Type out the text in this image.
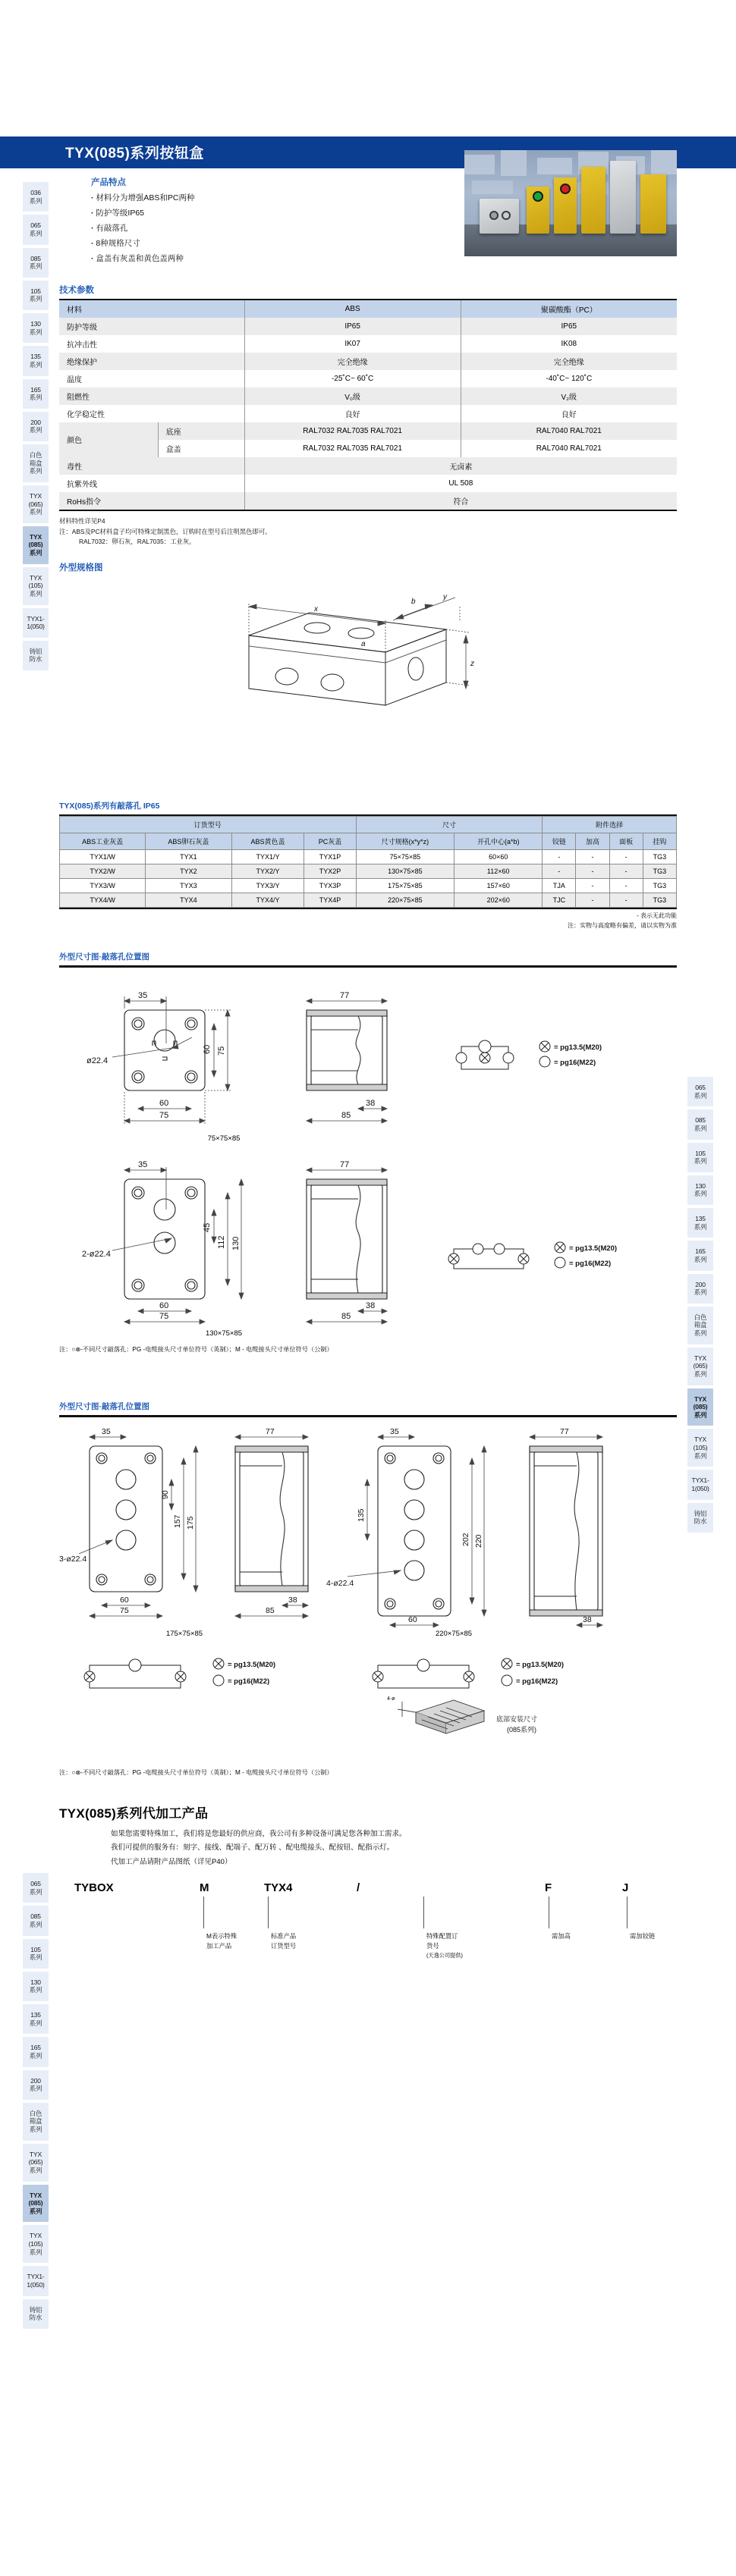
036
系列
065
系列
085
系列
105
系列
130
系列
135
系列
165
系列
200
系列
白色
箱盒
系列
TYX
(065)
系列
TYX
(085)
系列
TYX
(105)
系列
TYX1-
1(050)
铸铝
防水
TYX(085)系列按钮盒
产品特点
· 材料分为增强ABS和PC两种
· 防护等级IP65
· 有敲落孔
· 8种规格尺寸
· 盒盖有灰盖和黄色盖两种
技术参数
材料		ABS	聚碳酸酯（PC）
防护等级		IP65	IP65
抗冲击性		IK07	IK08
绝缘保护		完全绝缘	完全绝缘
温度		-25˚C~ 60˚C	-40˚C~ 120˚C
阻燃性		V₀级	V₂级
化学稳定性		良好	良好
颜色	底座	RAL7032 RAL7035 RAL7021	RAL7040 RAL7021
	盒盖	RAL7032 RAL7035 RAL7021	RAL7040 RAL7021
毒性		无卤素	
抗紫外线		UL 508	
RoHs指令		符合	
材料特性详见P4
注：ABS及PC材料盒子均可特殊定制黑色，订购时在型号后注明黑色即可。
RAL7032：卵石灰，RAL7035：工业灰。
外型规格图
x
b
y
z
a
065
系列
085
系列
105
系列
130
系列
135
系列
165
系列
200
系列
白色
箱盒
系列
TYX
(065)
系列
TYX
(085)
系列
TYX
(105)
系列
TYX1-
1(050)
铸铝
防水
TYX(085)系列有敲落孔 IP65
订货型号				尺寸		附件选择			
ABS工业灰盖	ABS卵石灰盖	ABS黄色盖	PC灰盖	尺寸规格(x*y*z)	开孔中心(a*b)	铰链	加高	面板	挂钩
TYX1/W	TYX1	TYX1/Y	TYX1P	75×75×85	60×60	-	-	-	TG3
TYX2/W	TYX2	TYX2/Y	TYX2P	130×75×85	112×60	-	-	-	TG3
TYX3/W	TYX3	TYX3/Y	TYX3P	175×75×85	157×60	TJA	-	-	TG3
TYX4/W	TYX4	TYX4/Y	TYX4P	220×75×85	202×60	TJC	-	-	TG3
- 表示无此功能
注：实物与高度略有偏差，请以实物为准
外型尺寸图·敲落孔位置图
35
ø22.4
60 75
60
75
77
38
85
= pg13.5(M20)
= pg16(M22)
75×75×85
35
2-ø22.4
45
112 130
60
75
77
38
85
= pg13.5(M20)
= pg16(M22)
130×75×85
注：○⊗-不同尺寸敲落孔：PG -电缆接头尺寸单位符号（英制）；M - 电缆接头尺寸单位符号（公制）
065
系列
085
系列
105
系列
130
系列
135
系列
165
系列
200
系列
白色
箱盒
系列
TYX
(065)
系列
TYX
(085)
系列
TYX
(105)
系列
TYX1-
1(050)
铸铝
防水
外型尺寸图·敲落孔位置图
35
90
157 175
3-ø22.4
60
75
77
38
85
35
135
202 220
4-ø22.4
60
77
38
175×75×85	220×75×85
= pg13.5(M20)
= pg16(M22)
= pg13.5(M20)
= pg16(M22)
4-ø
底部安装尺寸
(085系列)
注：○⊗-不同尺寸敲落孔：PG -电缆接头尺寸单位符号（英制）；M - 电缆接头尺寸单位符号（公制）
TYX(085)系列代加工产品
如果您需要特殊加工，我们将是您最好的供应商，我公司有多种设备可满足您各种加工需求。
我们可提供的服务有：刻字、接线、配端子、配万转 、配电缆接头、配按钮、配指示灯。
代加工产品请附产品图纸（详见P40）
TYBOX	M	TYX4	/	F	J
M表示特殊
加工产品
标准产品
订货型号
特殊配置订
货号
(天逸公司提供)
需加高	需加铰链
